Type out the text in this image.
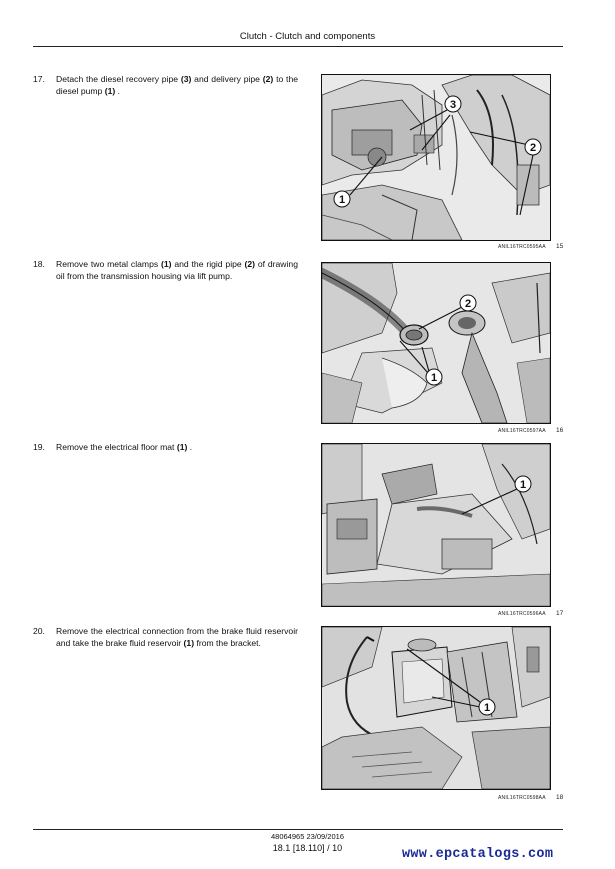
Clutch - Clutch and components
17.	Detach the diesel recovery pipe (3) and delivery pipe (2) to the diesel pump (1) .
3
2
1
ANIL16TRC0595AA 15
18.	Remove two metal clamps (1) and the rigid pipe (2) of drawing oil from the transmission housing via lift pump.
2
1
ANIL16TRC0597AA 16
19.	Remove the electrical floor mat (1) .
1
ANIL16TRC0596AA 17
20.	Remove the electrical connection from the brake fluid reservoir and take the brake fluid reservoir (1) from the bracket.
1
ANIL16TRC0598AA 18
48064965 23/09/2016
18.1 [18.110] / 10	www.epcatalogs.com
